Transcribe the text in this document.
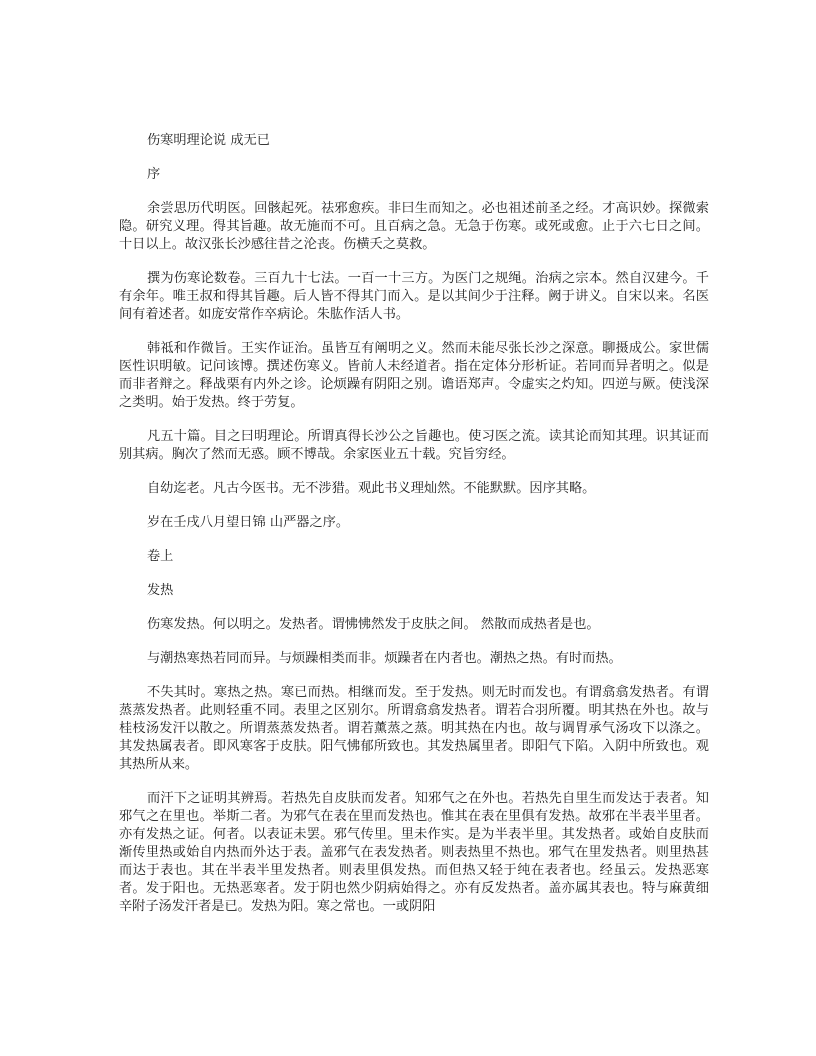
伤寒明理论说 成无已

序

余尝思历代明医。回骸起死。祛邪愈疾。非曰生而知之。必也祖述前圣之经。才高识妙。探微索隐。研究义理。得其旨趣。故无施而不可。且百病之急。无急于伤寒。或死或愈。止于六七日之间。十日以上。故汉张长沙感往昔之沦丧。伤横夭之莫救。

撰为伤寒论数卷。三百九十七法。一百一十三方。为医门之规绳。治病之宗本。然自汉建今。千有余年。唯王叔和得其旨趣。后人皆不得其门而入。是以其间少于注释。阙于讲义。自宋以来。名医间有着述者。如庞安常作卒病论。朱肱作活人书。

韩祗和作微旨。王实作证治。虽皆互有阐明之义。然而未能尽张长沙之深意。聊摄成公。家世儒医性识明敏。记问该博。撰述伤寒义。皆前人未经道者。指在定体分形析证。若同而异者明之。似是而非者辩之。释战栗有内外之诊。论烦躁有阴阳之别。谵语郑声。令虚实之灼知。四逆与厥。使浅深之类明。始于发热。终于劳复。

凡五十篇。目之曰明理论。所谓真得长沙公之旨趣也。使习医之流。读其论而知其理。识其证而别其病。胸次了然而无惑。顾不博哉。余家医业五十载。究旨穷经。

自幼迄老。凡古今医书。无不涉猎。观此书义理灿然。不能默默。因序其略。

岁在壬戌八月望日锦 山严器之序。

卷上

发热

伤寒发热。何以明之。发热者。谓怫怫然发于皮肤之间。 然散而成热者是也。

与潮热寒热若同而异。与烦躁相类而非。烦躁者在内者也。潮热之热。有时而热。

不失其时。寒热之热。寒已而热。相继而发。至于发热。则无时而发也。有谓翕翕发热者。有谓蒸蒸发热者。此则轻重不同。表里之区别尔。所谓翕翕发热者。谓若合羽所覆。明其热在外也。故与桂枝汤发汗以散之。所谓蒸蒸发热者。谓若薰蒸之蒸。明其热在内也。故与调胃承气汤攻下以涤之。其发热属表者。即风寒客于皮肤。阳气怫郁所致也。其发热属里者。即阳气下陷。入阴中所致也。观其热所从来。

而汗下之证明其辨焉。若热先自皮肤而发者。知邪气之在外也。若热先自里生而发达于表者。知邪气之在里也。举斯二者。为邪气在表在里而发热也。惟其在表在里俱有发热。故邪在半表半里者。亦有发热之证。何者。以表证未罢。邪气传里。里未作实。是为半表半里。其发热者。或始自皮肤而渐传里热或始自内热而外达于表。盖邪气在表发热者。则表热里不热也。邪气在里发热者。则里热甚而达于表也。其在半表半里发热者。则表里俱发热。而但热又轻于纯在表者也。经虽云。发热恶寒者。发于阳也。无热恶寒者。发于阴也然少阴病始得之。亦有反发热者。盖亦属其表也。特与麻黄细辛附子汤发汗者是已。发热为阳。寒之常也。一或阴阳
